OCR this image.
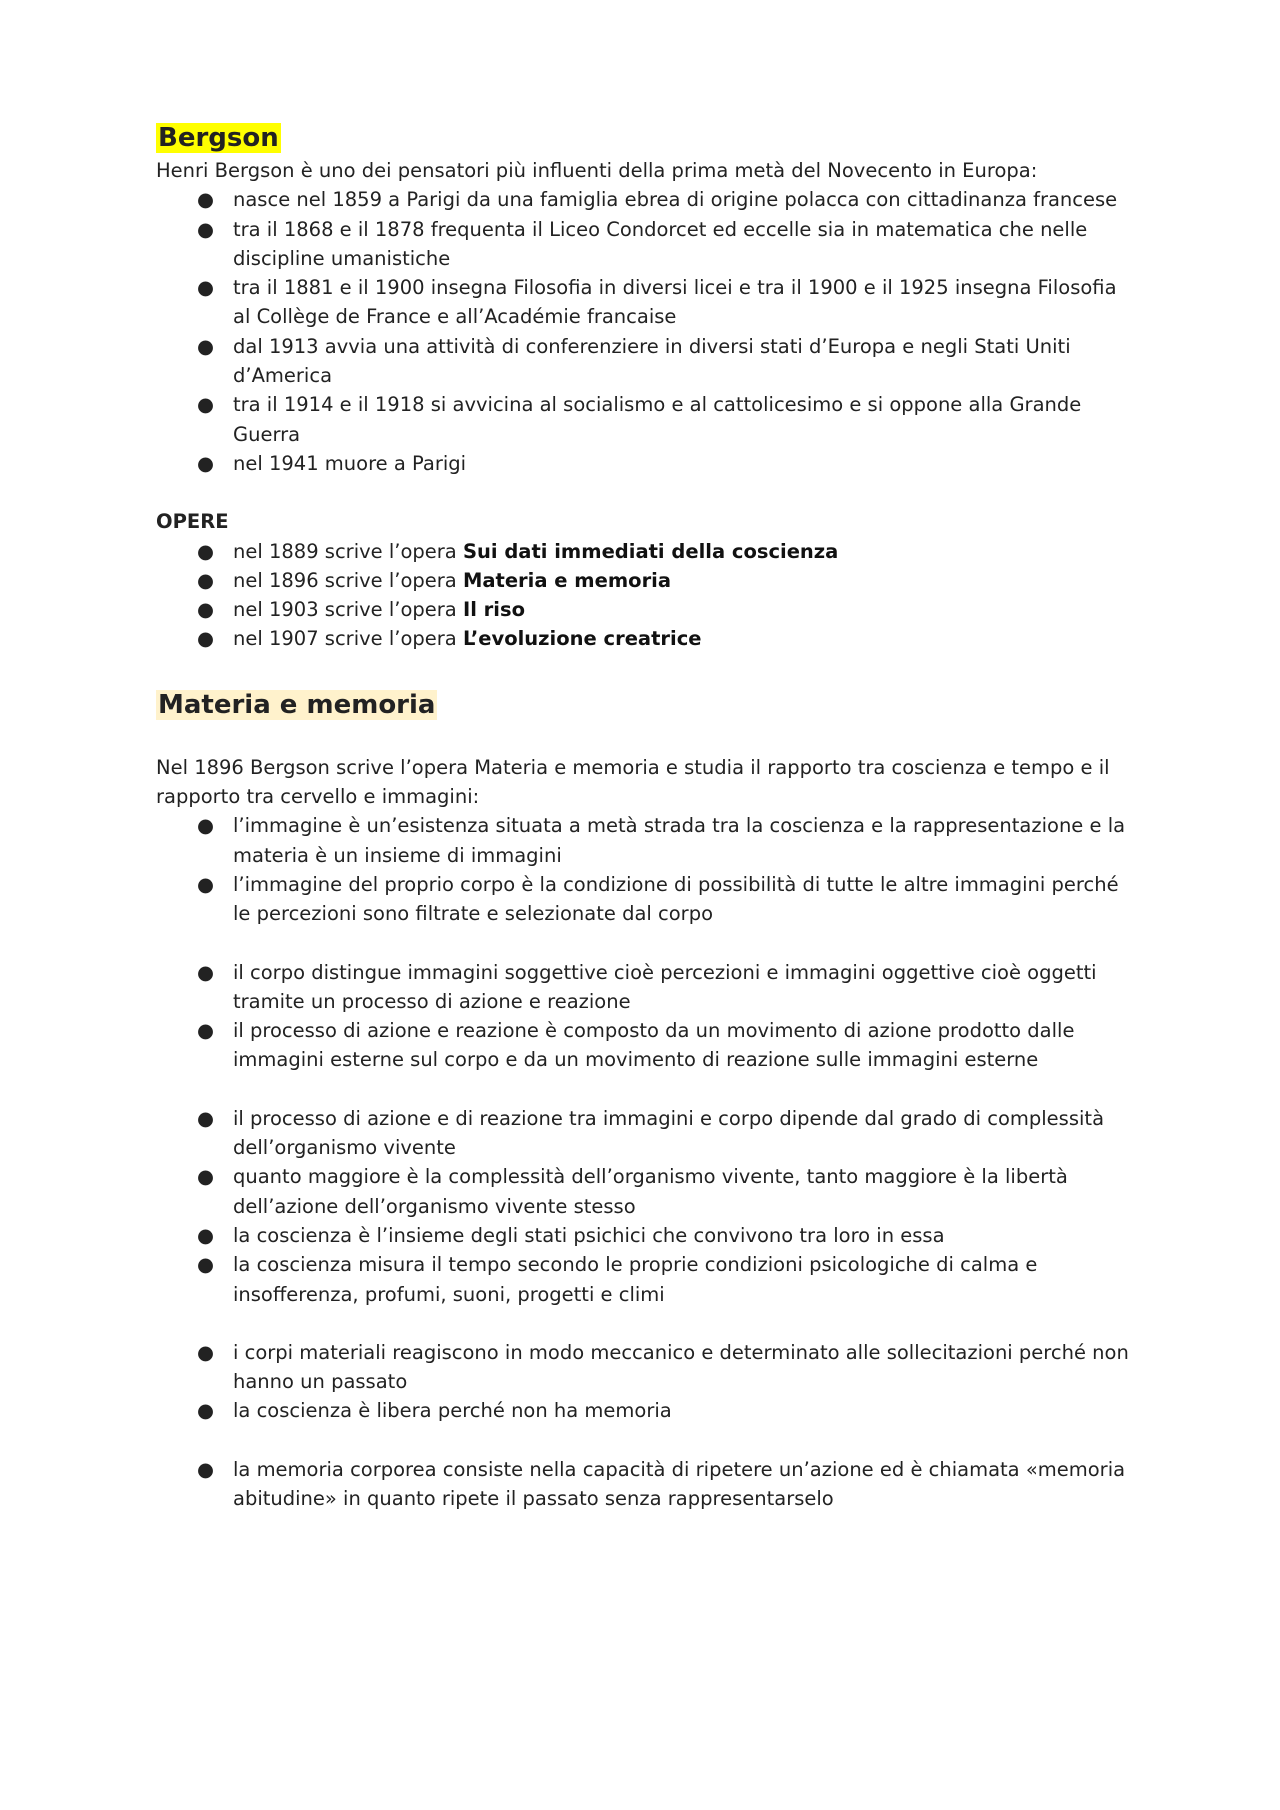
Bergson

Henri Bergson è uno dei pensatori più influenti della prima metà del Novecento in Europa:

● nasce nel 1859 a Parigi da una famiglia ebrea di origine polacca con cittadinanza francese
● tra il 1868 e il 1878 frequenta il Liceo Condorcet ed eccelle sia in matematica che nelle discipline umanistiche
● tra il 1881 e il 1900 insegna Filosofia in diversi licei e tra il 1900 e il 1925 insegna Filosofia al Collège de France e all’Académie francaise
● dal 1913 avvia una attività di conferenziere in diversi stati d’Europa e negli Stati Uniti d’America
● tra il 1914 e il 1918 si avvicina al socialismo e al cattolicesimo e si oppone alla Grande Guerra
● nel 1941 muore a Parigi

OPERE

● nel 1889 scrive l’opera Sui dati immediati della coscienza
● nel 1896 scrive l’opera Materia e memoria
● nel 1903 scrive l’opera Il riso
● nel 1907 scrive l’opera L’evoluzione creatrice

Materia e memoria

Nel 1896 Bergson scrive l’opera Materia e memoria e studia il rapporto tra coscienza e tempo e il rapporto tra cervello e immagini:

● l’immagine è un’esistenza situata a metà strada tra la coscienza e la rappresentazione e la materia è un insieme di immagini
● l’immagine del proprio corpo è la condizione di possibilità di tutte le altre immagini perché le percezioni sono filtrate e selezionate dal corpo
● il corpo distingue immagini soggettive cioè percezioni e immagini oggettive cioè oggetti tramite un processo di azione e reazione
● il processo di azione e reazione è composto da un movimento di azione prodotto dalle immagini esterne sul corpo e da un movimento di reazione sulle immagini esterne
● il processo di azione e di reazione tra immagini e corpo dipende dal grado di complessità dell’organismo vivente
● quanto maggiore è la complessità dell’organismo vivente, tanto maggiore è la libertà dell’azione dell’organismo vivente stesso
● la coscienza è l’insieme degli stati psichici che convivono tra loro in essa
● la coscienza misura il tempo secondo le proprie condizioni psicologiche di calma e insofferenza, profumi, suoni, progetti e climi
● i corpi materiali reagiscono in modo meccanico e determinato alle sollecitazioni perché non hanno un passato
● la coscienza è libera perché non ha memoria
● la memoria corporea consiste nella capacità di ripetere un’azione ed è chiamata «memoria abitudine» in quanto ripete il passato senza rappresentarselo
